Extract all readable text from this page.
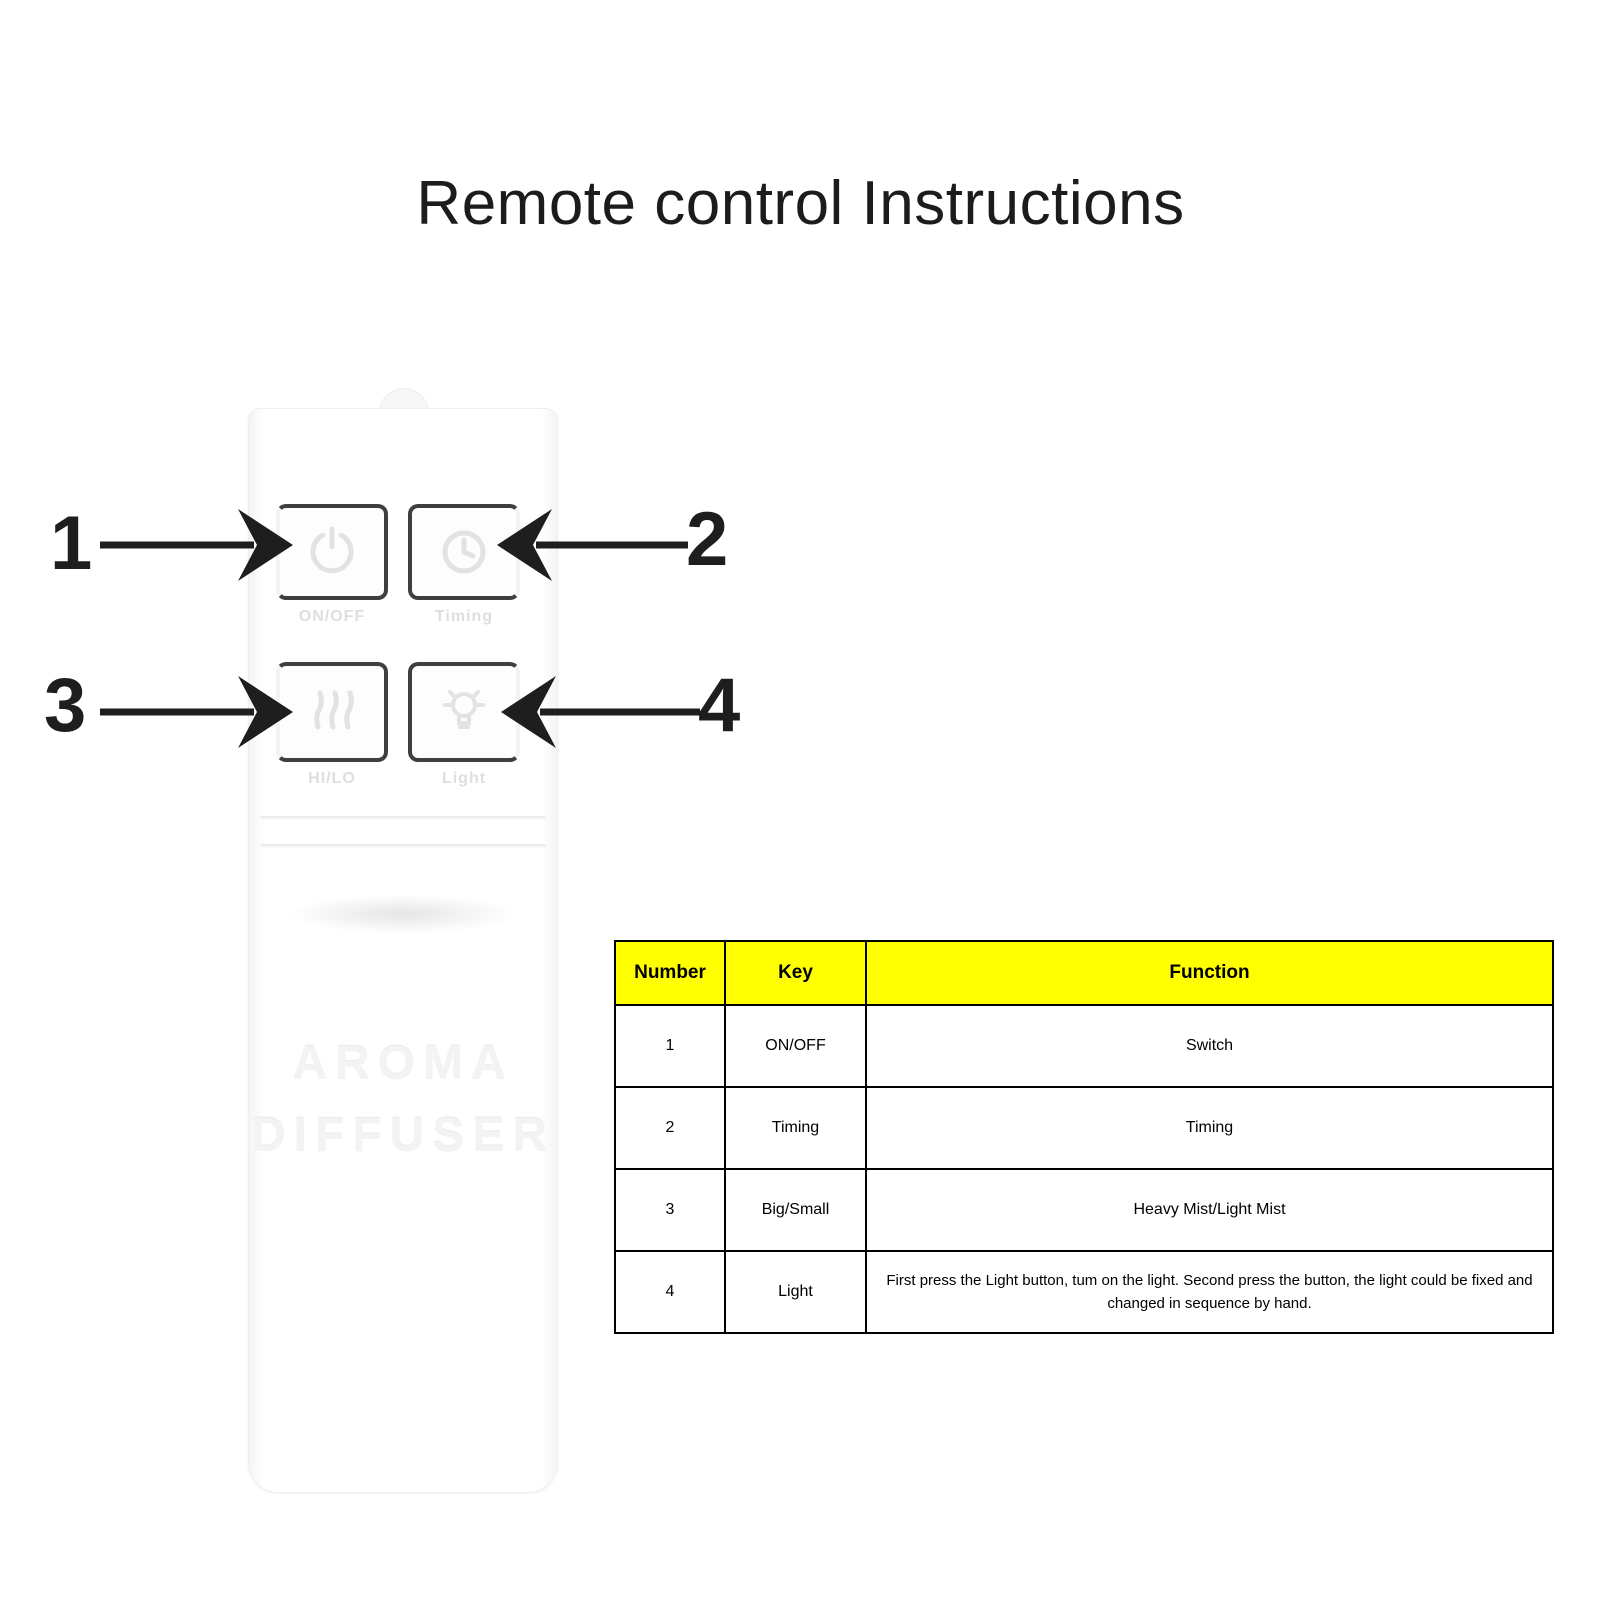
Remote control Instructions
ON/OFF	Timing
HI/LO	Light
AROMA
DIFFUSER
1	2
3	4
Number	Key	Function
1	ON/OFF	Switch
2	Timing	Timing
3	Big/Small	Heavy Mist/Light Mist
4	Light	First press the Light button, tum on the light. Second press the button, the light could be fixed and changed in sequence by hand.
